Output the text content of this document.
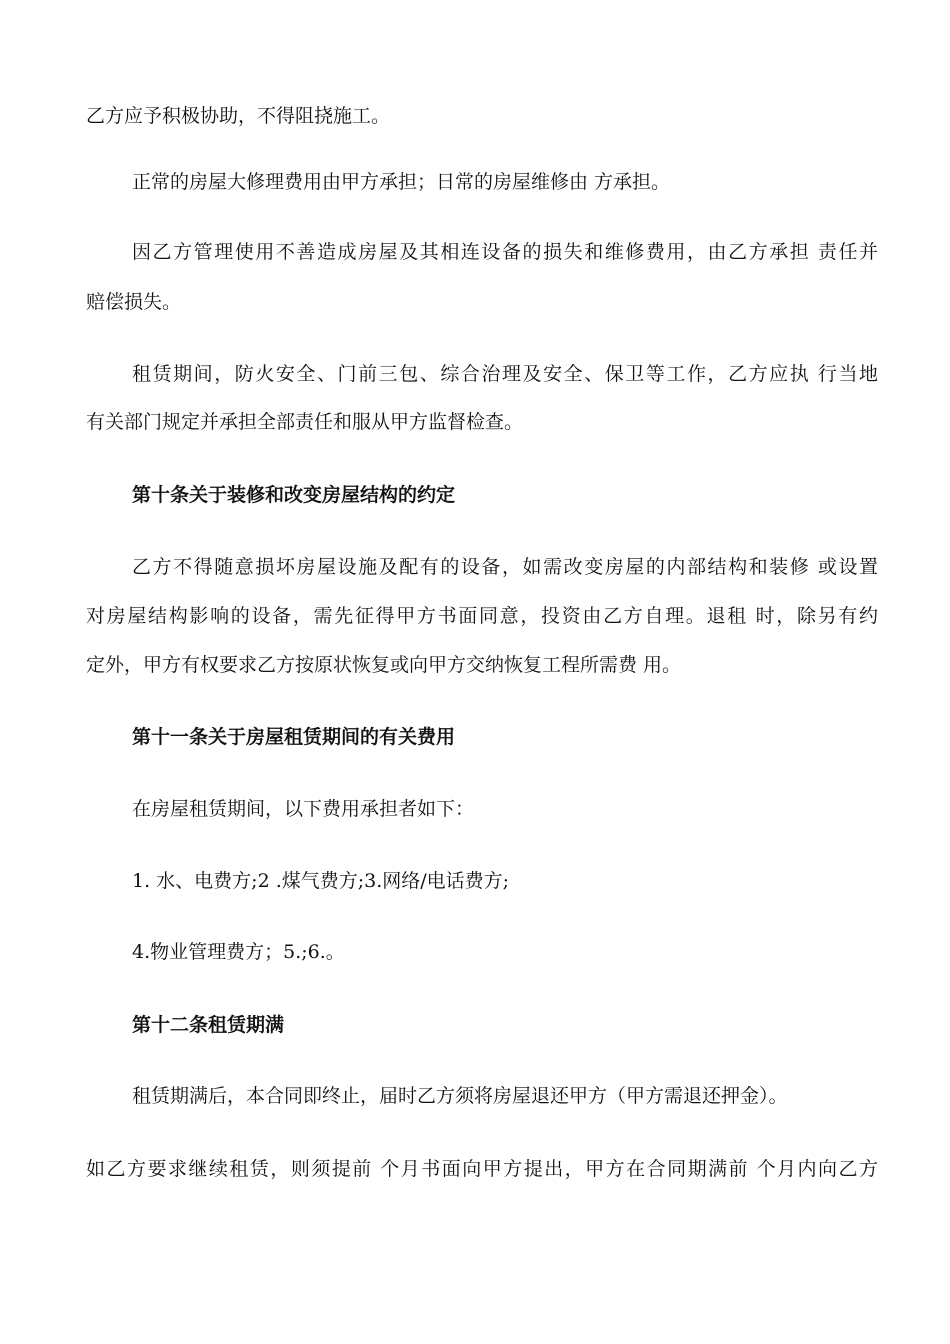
乙方应予积极协助，不得阻挠施工。
正常的房屋大修理费用由甲方承担；日常的房屋维修由 方承担。
因乙方管理使用不善造成房屋及其相连设备的损失和维修费用，由乙方承担 责任并
赔偿损失。
租赁期间，防火安全、门前三包、综合治理及安全、保卫等工作，乙方应执 行当地
有关部门规定并承担全部责任和服从甲方监督检查。
第十条关于装修和改变房屋结构的约定
乙方不得随意损坏房屋设施及配有的设备，如需改变房屋的内部结构和装修 或设置
对房屋结构影响的设备，需先征得甲方书面同意，投资由乙方自理。退租 时，除另有约
定外，甲方有权要求乙方按原状恢复或向甲方交纳恢复工程所需费 用。
第十一条关于房屋租赁期间的有关费用
在房屋租赁期间，以下费用承担者如下：
1. 水、电费方;2 .煤气费方;3.网络/电话费方;
4.物业管理费方；5.;6.。
第十二条租赁期满
租赁期满后，本合同即终止，届时乙方须将房屋退还甲方（甲方需退还押金）。
如乙方要求继续租赁，则须提前 个月书面向甲方提出，甲方在合同期满前 个月内向乙方
